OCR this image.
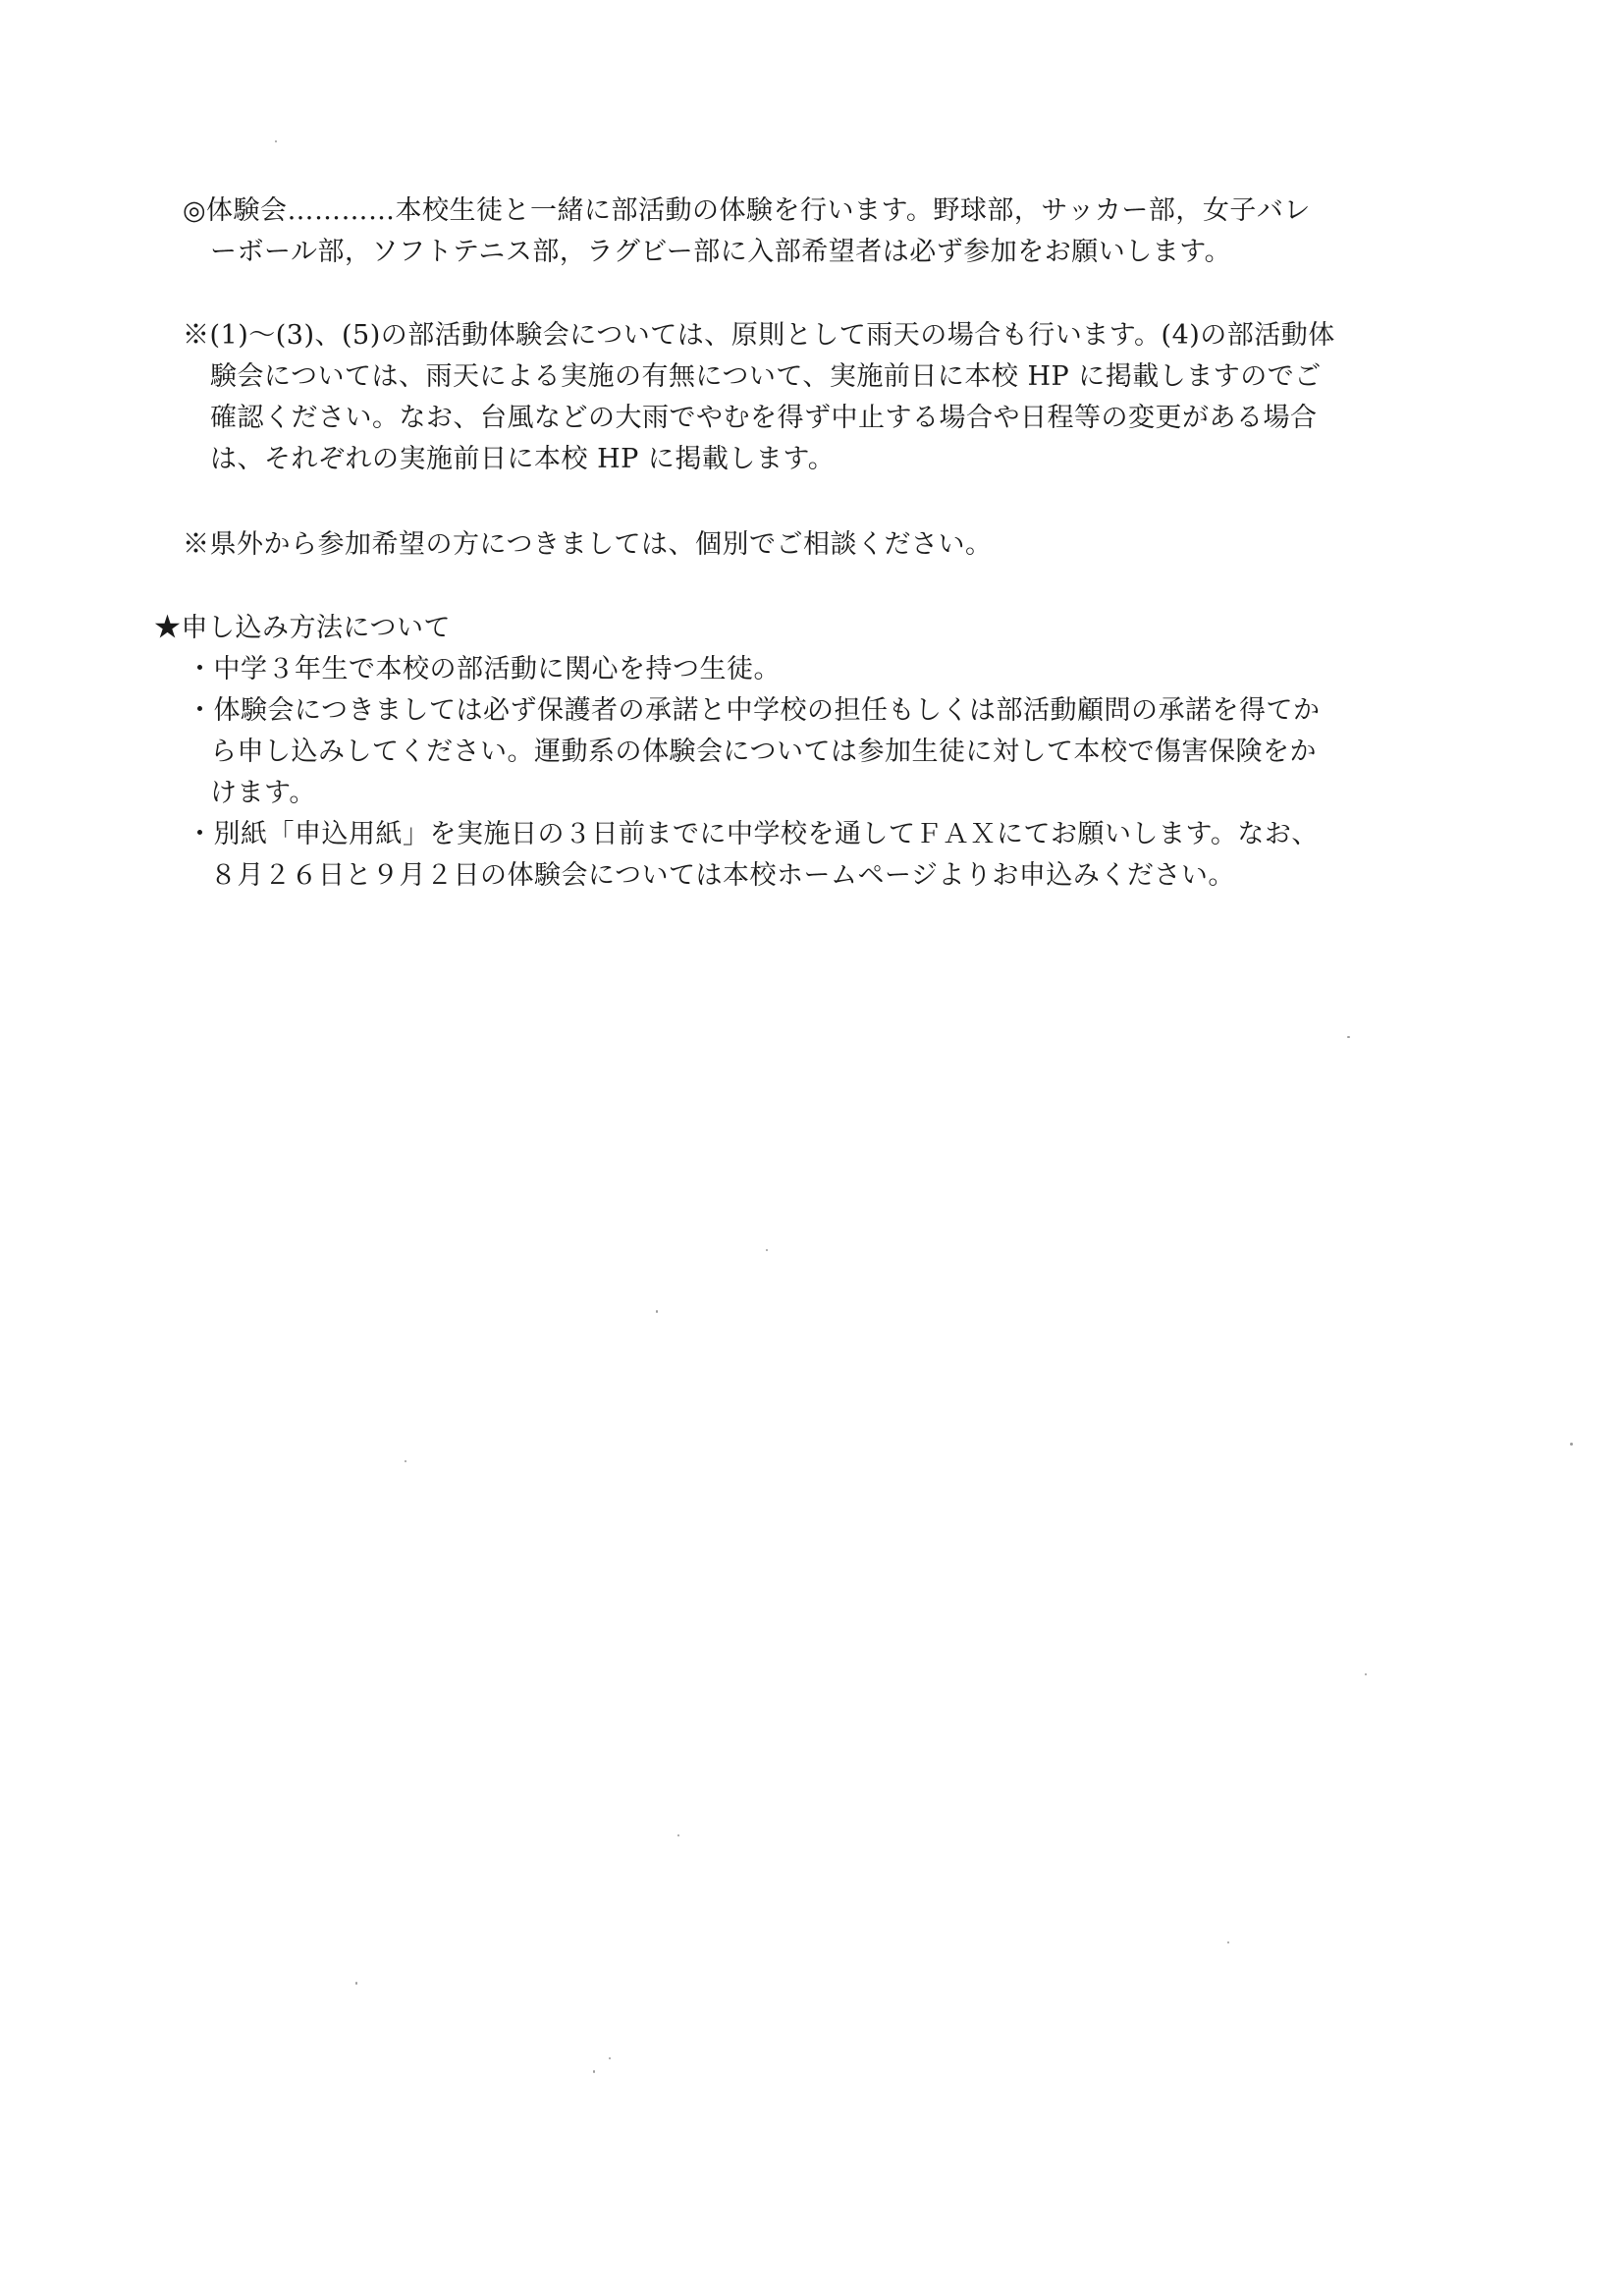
◎体験会…………本校生徒と一緒に部活動の体験を行います。野球部，サッカー部，女子バレ
ーボール部，ソフトテニス部，ラグビー部に入部希望者は必ず参加をお願いします。
※(1)〜(3)、(5)の部活動体験会については、原則として雨天の場合も行います。(4)の部活動体
験会については、雨天による実施の有無について、実施前日に本校 HP に掲載しますのでご
確認ください。なお、台風などの大雨でやむを得ず中止する場合や日程等の変更がある場合
は、それぞれの実施前日に本校 HP に掲載します。
※県外から参加希望の方につきましては、個別でご相談ください。
★申し込み方法について
・中学３年生で本校の部活動に関心を持つ生徒。
・体験会につきましては必ず保護者の承諾と中学校の担任もしくは部活動顧問の承諾を得てか
ら申し込みしてください。運動系の体験会については参加生徒に対して本校で傷害保険をか
けます。
・別紙「申込用紙」を実施日の３日前までに中学校を通してＦＡＸにてお願いします。なお、
８月２６日と９月２日の体験会については本校ホームページよりお申込みください。
